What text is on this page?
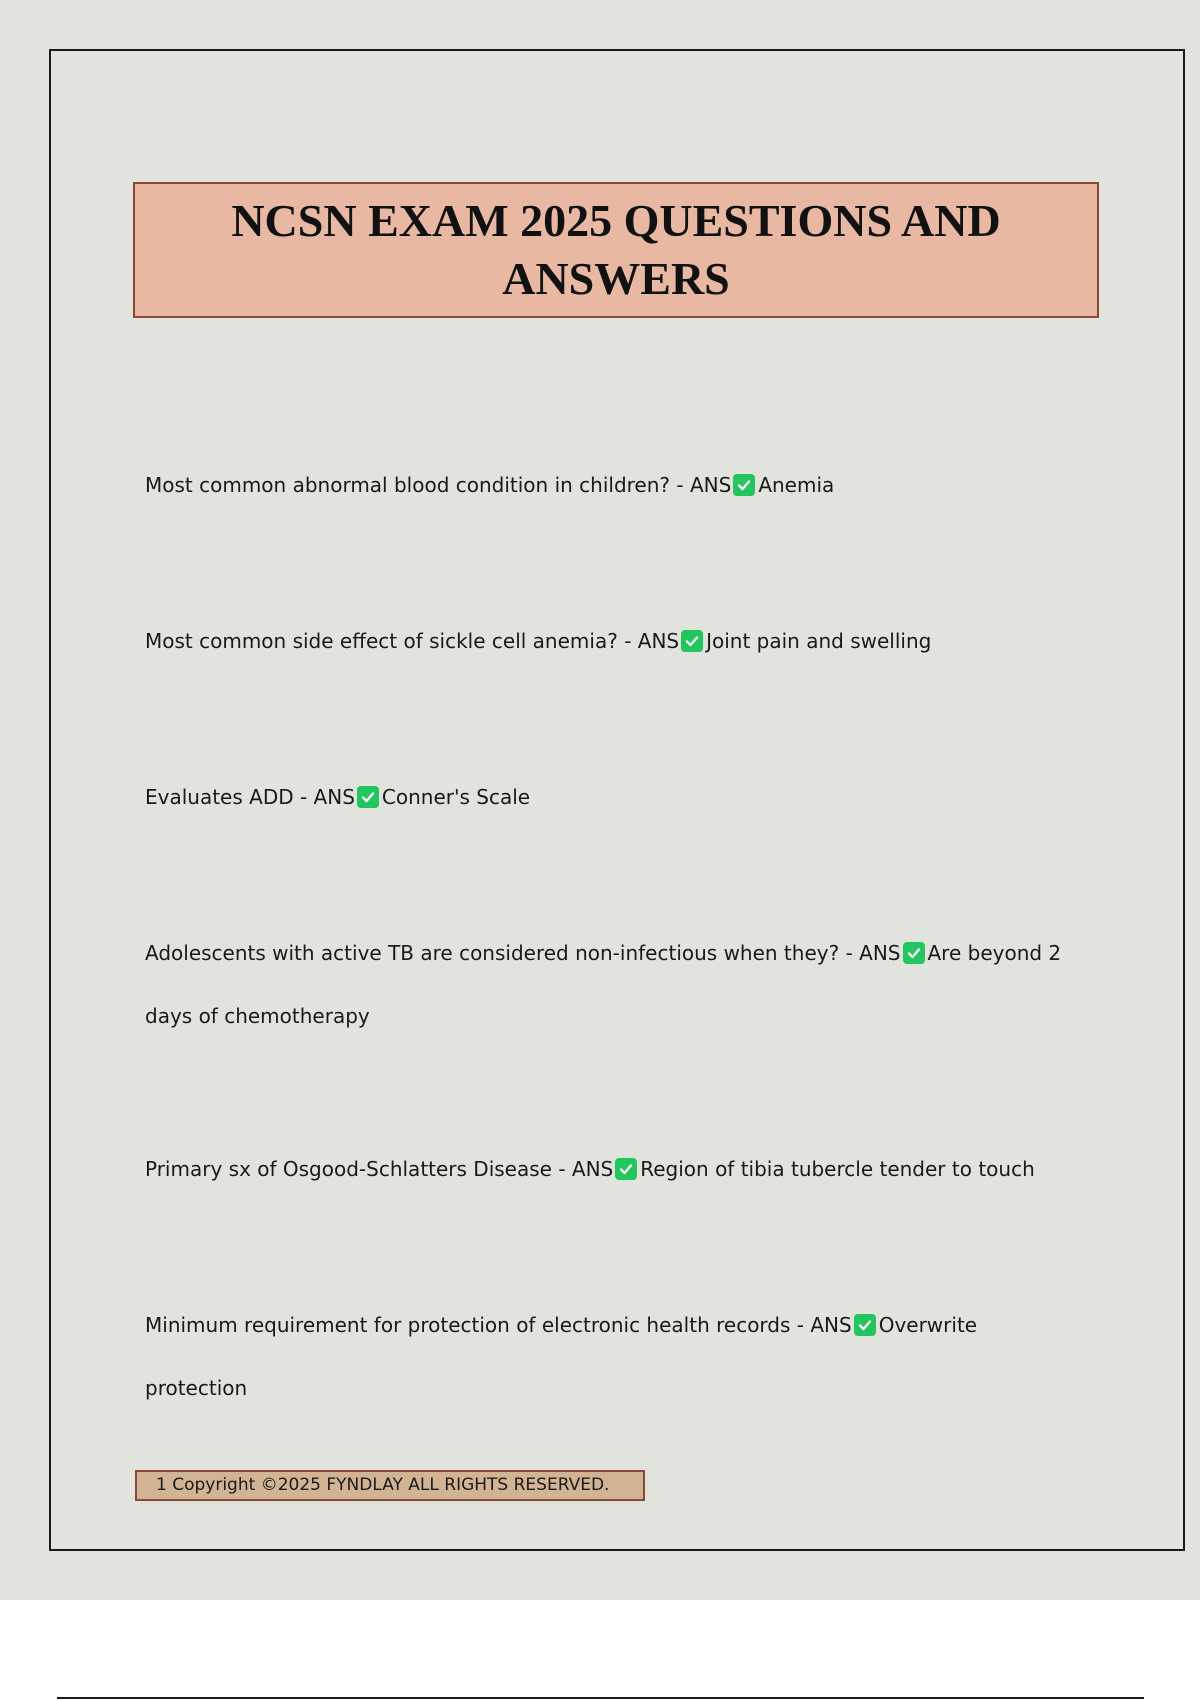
NCSN EXAM 2025 QUESTIONS AND ANSWERS
Most common abnormal blood condition in children? - ANS Anemia
Most common side effect of sickle cell anemia? - ANS Joint pain and swelling
Evaluates ADD - ANS Conner's Scale
Adolescents with active TB are considered non-infectious when they? - ANS Are beyond 2 days of chemotherapy
Primary sx of Osgood-Schlatters Disease - ANS Region of tibia tubercle tender to touch
Minimum requirement for protection of electronic health records - ANS Overwrite protection
1 Copyright ©2025 FYNDLAY ALL RIGHTS RESERVED.
